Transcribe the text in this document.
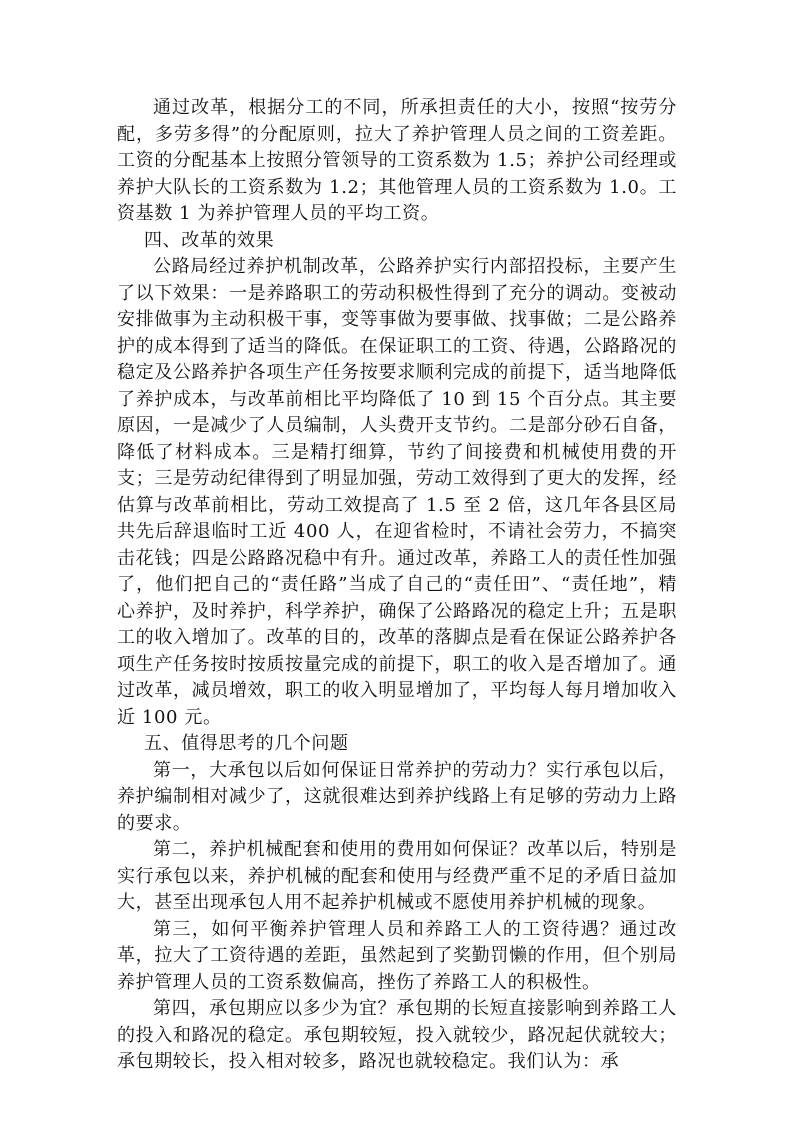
通过改革，根据分工的不同，所承担责任的大小，按照“按劳分配，多劳多得”的分配原则，拉大了养护管理人员之间的工资差距。工资的分配基本上按照分管领导的工资系数为 1.5；养护公司经理或养护大队长的工资系数为 1.2；其他管理人员的工资系数为 1.0。工资基数 1 为养护管理人员的平均工资。

四、改革的效果

公路局经过养护机制改革，公路养护实行内部招投标，主要产生了以下效果：一是养路职工的劳动积极性得到了充分的调动。变被动安排做事为主动积极干事，变等事做为要事做、找事做；二是公路养护的成本得到了适当的降低。在保证职工的工资、待遇，公路路况的稳定及公路养护各项生产任务按要求顺利完成的前提下，适当地降低了养护成本，与改革前相比平均降低了 10 到 15 个百分点。其主要原因，一是减少了人员编制，人头费开支节约。二是部分砂石自备，降低了材料成本。三是精打细算，节约了间接费和机械使用费的开支；三是劳动纪律得到了明显加强，劳动工效得到了更大的发挥，经估算与改革前相比，劳动工效提高了 1.5 至 2 倍，这几年各县区局共先后辞退临时工近 400 人，在迎省检时，不请社会劳力，不搞突击花钱；四是公路路况稳中有升。通过改革，养路工人的责任性加强了，他们把自己的“责任路”当成了自己的“责任田”、“责任地”，精心养护，及时养护，科学养护，确保了公路路况的稳定上升；五是职工的收入增加了。改革的目的，改革的落脚点是看在保证公路养护各项生产任务按时按质按量完成的前提下，职工的收入是否增加了。通过改革，减员增效，职工的收入明显增加了，平均每人每月增加收入近 100 元。

五、值得思考的几个问题

第一，大承包以后如何保证日常养护的劳动力？实行承包以后，养护编制相对减少了，这就很难达到养护线路上有足够的劳动力上路的要求。

第二，养护机械配套和使用的费用如何保证？改革以后，特别是实行承包以来，养护机械的配套和使用与经费严重不足的矛盾日益加大，甚至出现承包人用不起养护机械或不愿使用养护机械的现象。

第三，如何平衡养护管理人员和养路工人的工资待遇？通过改革，拉大了工资待遇的差距，虽然起到了奖勤罚懒的作用，但个别局养护管理人员的工资系数偏高，挫伤了养路工人的积极性。

第四，承包期应以多少为宜？承包期的长短直接影响到养路工人的投入和路况的稳定。承包期较短，投入就较少，路况起伏就较大；承包期较长，投入相对较多，路况也就较稳定。我们认为：承
